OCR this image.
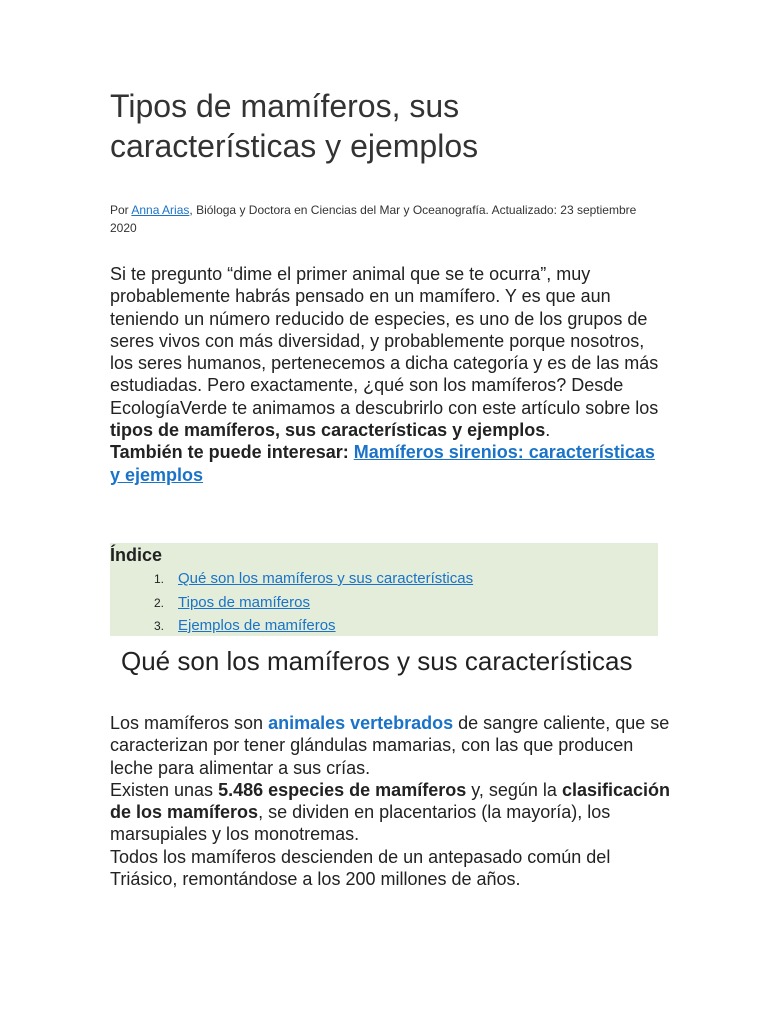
Tipos de mamíferos, sus características y ejemplos
Por Anna Arias, Bióloga y Doctora en Ciencias del Mar y Oceanografía. Actualizado: 23 septiembre 2020

Si te pregunto “dime el primer animal que se te ocurra”, muy probablemente habrás pensado en un mamífero. Y es que aun teniendo un número reducido de especies, es uno de los grupos de seres vivos con más diversidad, y probablemente porque nosotros, los seres humanos, pertenecemos a dicha categoría y es de las más estudiadas. Pero exactamente, ¿qué son los mamíferos? Desde EcologíaVerde te animamos a descubrirlo con este artículo sobre los tipos de mamíferos, sus características y ejemplos.

También te puede interesar: Mamíferos sirenios: características y ejemplos

Índice
1. Qué son los mamíferos y sus características
2. Tipos de mamíferos
3. Ejemplos de mamíferos
Qué son los mamíferos y sus características

Los mamíferos son animales vertebrados de sangre caliente, que se caracterizan por tener glándulas mamarias, con las que producen leche para alimentar a sus crías.

Existen unas 5.486 especies de mamíferos y, según la clasificación de los mamíferos, se dividen en placentarios (la mayoría), los marsupiales y los monotremas.

Todos los mamíferos descienden de un antepasado común del Triásico, remontándose a los 200 millones de años.
